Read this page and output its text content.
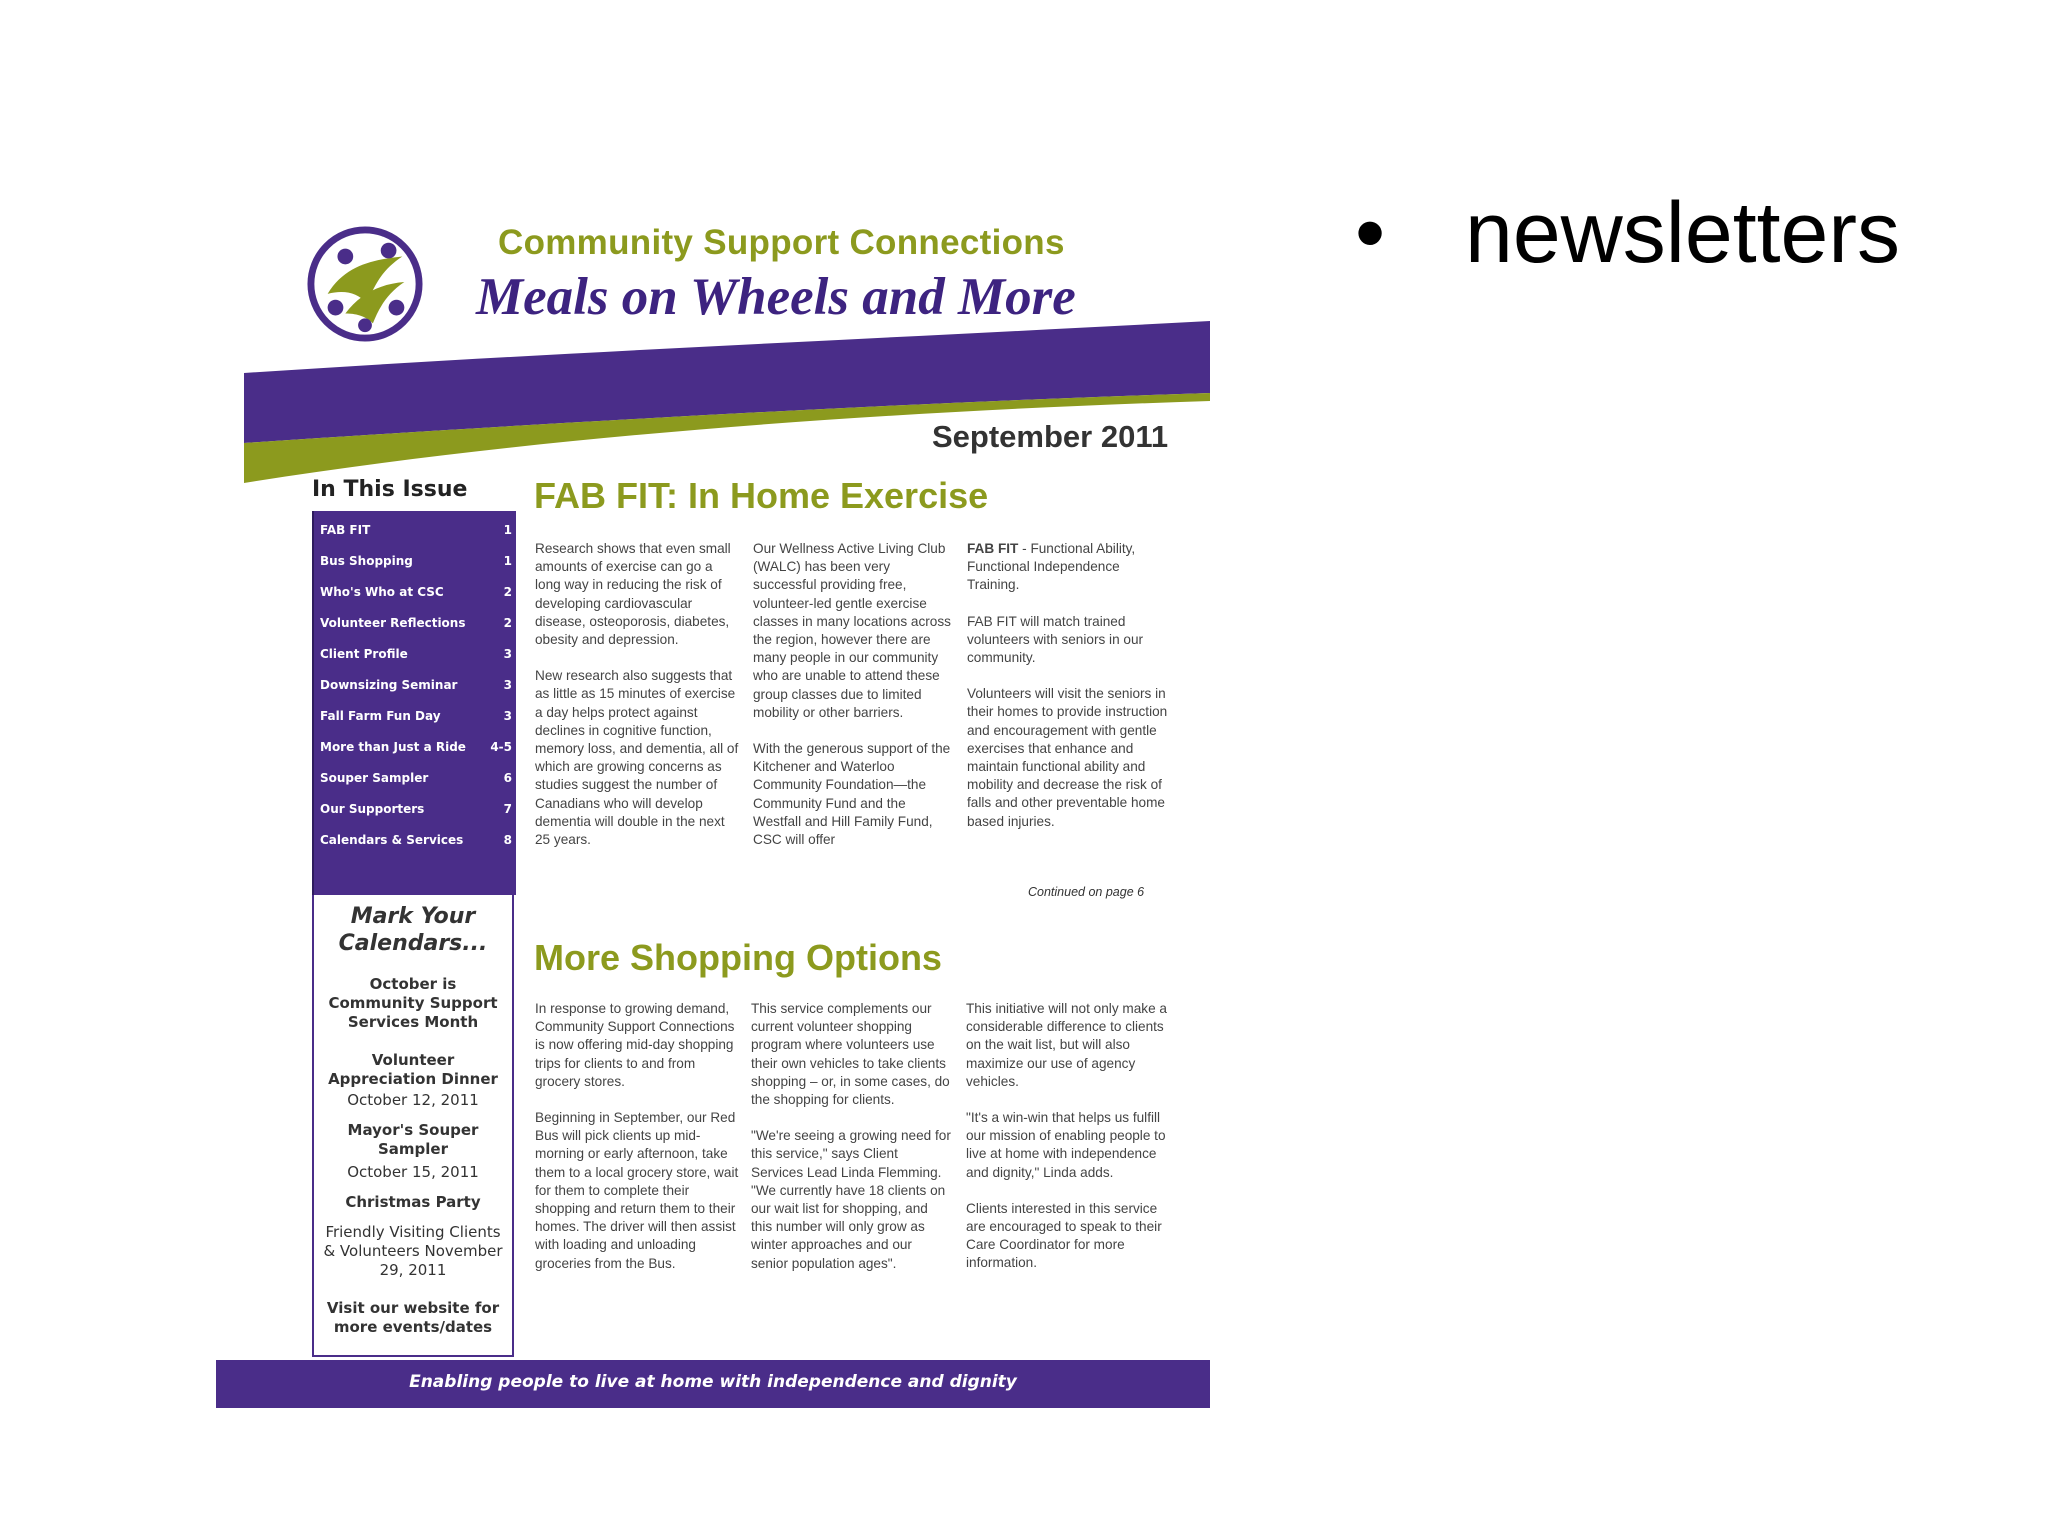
• newsletters
Community Support Connections
Meals on Wheels and More
September 2011
In This Issue
FAB FIT	1
Bus Shopping	1
Who's Who at CSC	2
Volunteer Reflections	2
Client Profile	3
Downsizing Seminar	3
Fall Farm Fun Day	3
More than Just a Ride 4-5
Souper Sampler	6
Our Supporters	7
Calendars & Services	8
Mark Your Calendars...
October is Community Support Services Month
Volunteer Appreciation Dinner
October 12, 2011
Mayor's Souper Sampler
October 15, 2011
Christmas Party
Friendly Visiting Clients & Volunteers November 29, 2011
Visit our website for more events/dates
FAB FIT: In Home Exercise

Research shows that even small amounts of exercise can go a long way in reducing the risk of developing cardiovascular disease, osteoporosis, diabetes, obesity and depression.

New research also suggests that as little as 15 minutes of exercise a day helps protect against declines in cognitive function, memory loss, and dementia, all of which are growing concerns as studies suggest the number of Canadians who will develop dementia will double in the next 25 years.

Our Wellness Active Living Club (WALC) has been very successful providing free, volunteer-led gentle exercise classes in many locations across the region, however there are many people in our community who are unable to attend these group classes due to limited mobility or other barriers.

With the generous support of the Kitchener and Waterloo Community Foundation—the Community Fund and the Westfall and Hill Family Fund, CSC will offer

FAB FIT - Functional Ability, Functional Independence Training.

FAB FIT will match trained volunteers with seniors in our community.

Volunteers will visit the seniors in their homes to provide instruction and encouragement with gentle exercises that enhance and maintain functional ability and mobility and decrease the risk of falls and other preventable home based injuries.

Continued on page 6
More Shopping Options

In response to growing demand, Community Support Connections is now offering mid-day shopping trips for clients to and from grocery stores.

Beginning in September, our Red Bus will pick clients up mid-morning or early afternoon, take them to a local grocery store, wait for them to complete their shopping and return them to their homes. The driver will then assist with loading and unloading groceries from the Bus.

This service complements our current volunteer shopping program where volunteers use their own vehicles to take clients shopping – or, in some cases, do the shopping for clients.

"We're seeing a growing need for this service," says Client Services Lead Linda Flemming. "We currently have 18 clients on our wait list for shopping, and this number will only grow as winter approaches and our senior population ages".

This initiative will not only make a considerable difference to clients on the wait list, but will also maximize our use of agency vehicles.

"It's a win-win that helps us fulfill our mission of enabling people to live at home with independence and dignity," Linda adds.

Clients interested in this service are encouraged to speak to their Care Coordinator for more information.

Enabling people to live at home with independence and dignity
